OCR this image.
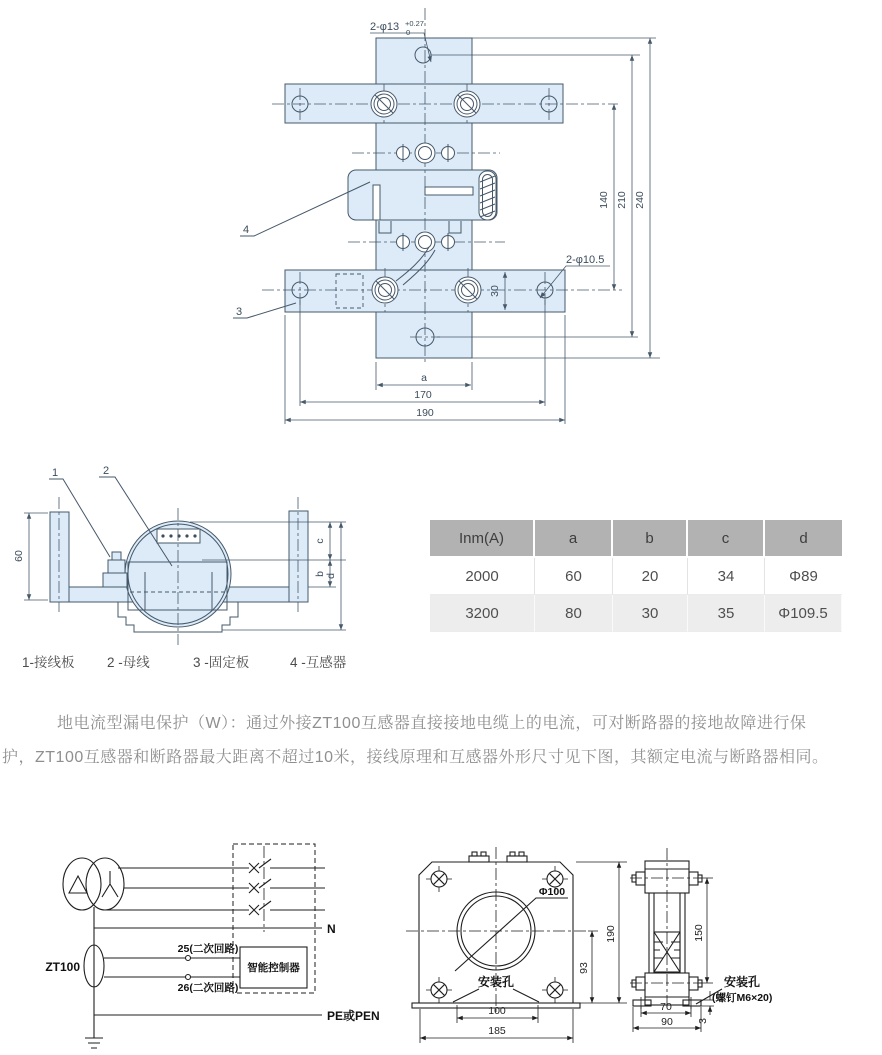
4
3
2-φ13 +0.27
0
2-φ10.5
140 210 240
30
a
170
190
1	2
60
c
b d
1-接线板 2 -母线	3 -固定板	4 -互感器
Inm(A)	a	b	c	d
2000	60	20	34	Φ89
3200	80	30	35	Φ109.5
地电流型漏电保护（W）：通过外接ZT100互感器直接接地电缆上的电流，可对断路器的接地故障进行保
护，ZT100互感器和断路器最大距离不超过10米，接线原理和互感器外形尺寸见下图，其额定电流与断路器相同。
N
ZT100
25(二次回路)
26(二次回路)
智能控制器
PE或PEN
Φ100
安装孔
190
93
100
185
150
70
90 3
安装孔
(螺钉M6×20)
